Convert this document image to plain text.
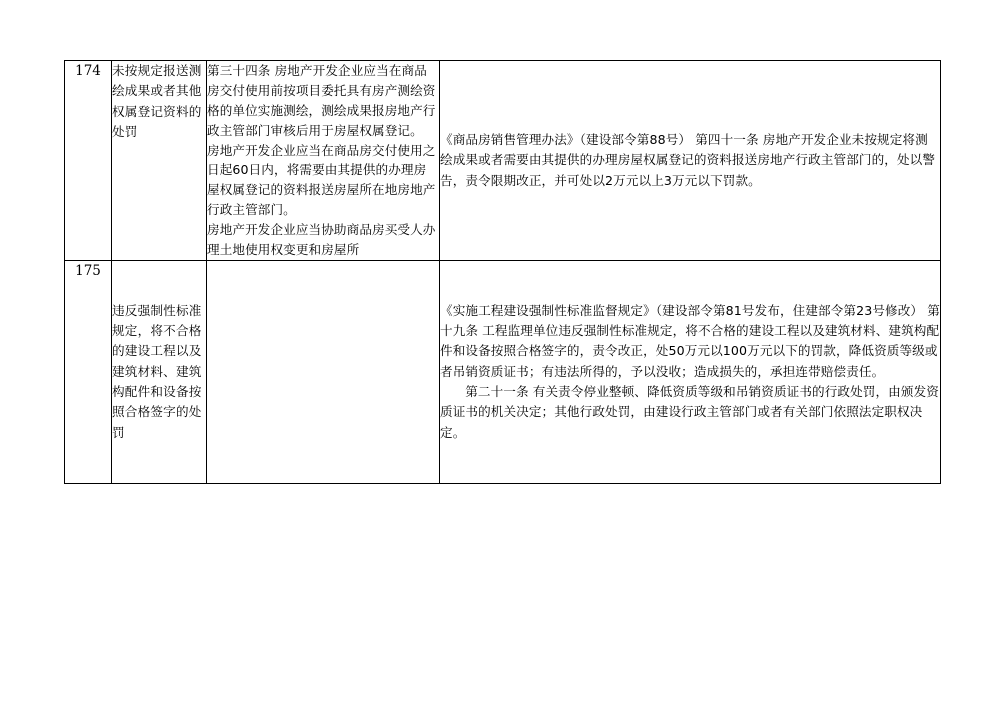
174	未按规定报送测绘成果或者其他权属登记资料的处罚	第三十四条 房地产开发企业应当在商品房交付使用前按项目委托具有房产测绘资格的单位实施测绘，测绘成果报房地产行政主管部门审核后用于房屋权属登记。

房地产开发企业应当在商品房交付使用之日起60日内，将需要由其提供的办理房屋权属登记的资料报送房屋所在地房地产行政主管部门。

房地产开发企业应当协助商品房买受人办理土地使用权变更和房屋所	《商品房销售管理办法》（建设部令第88号） 第四十一条 房地产开发企业未按规定将测绘成果或者需要由其提供的办理房屋权属登记的资料报送房地产行政主管部门的，处以警告，责令限期改正，并可处以2万元以上3万元以下罚款。

175	违反强制性标准规定，将不合格的建设工程以及建筑材料、建筑构配件和设备按照合格签字的处罚		《实施工程建设强制性标准监督规定》（建设部令第81号发布，住建部令第23号修改） 第十九条 工程监理单位违反强制性标准规定，将不合格的建设工程以及建筑材料、建筑构配件和设备按照合格签字的，责令改正，处50万元以100万元以下的罚款，降低资质等级或者吊销资质证书；有违法所得的，予以没收；造成损失的，承担连带赔偿责任。

第二十一条 有关责令停业整顿、降低资质等级和吊销资质证书的行政处罚，由颁发资质证书的机关决定；其他行政处罚，由建设行政主管部门或者有关部门依照法定职权决定。
